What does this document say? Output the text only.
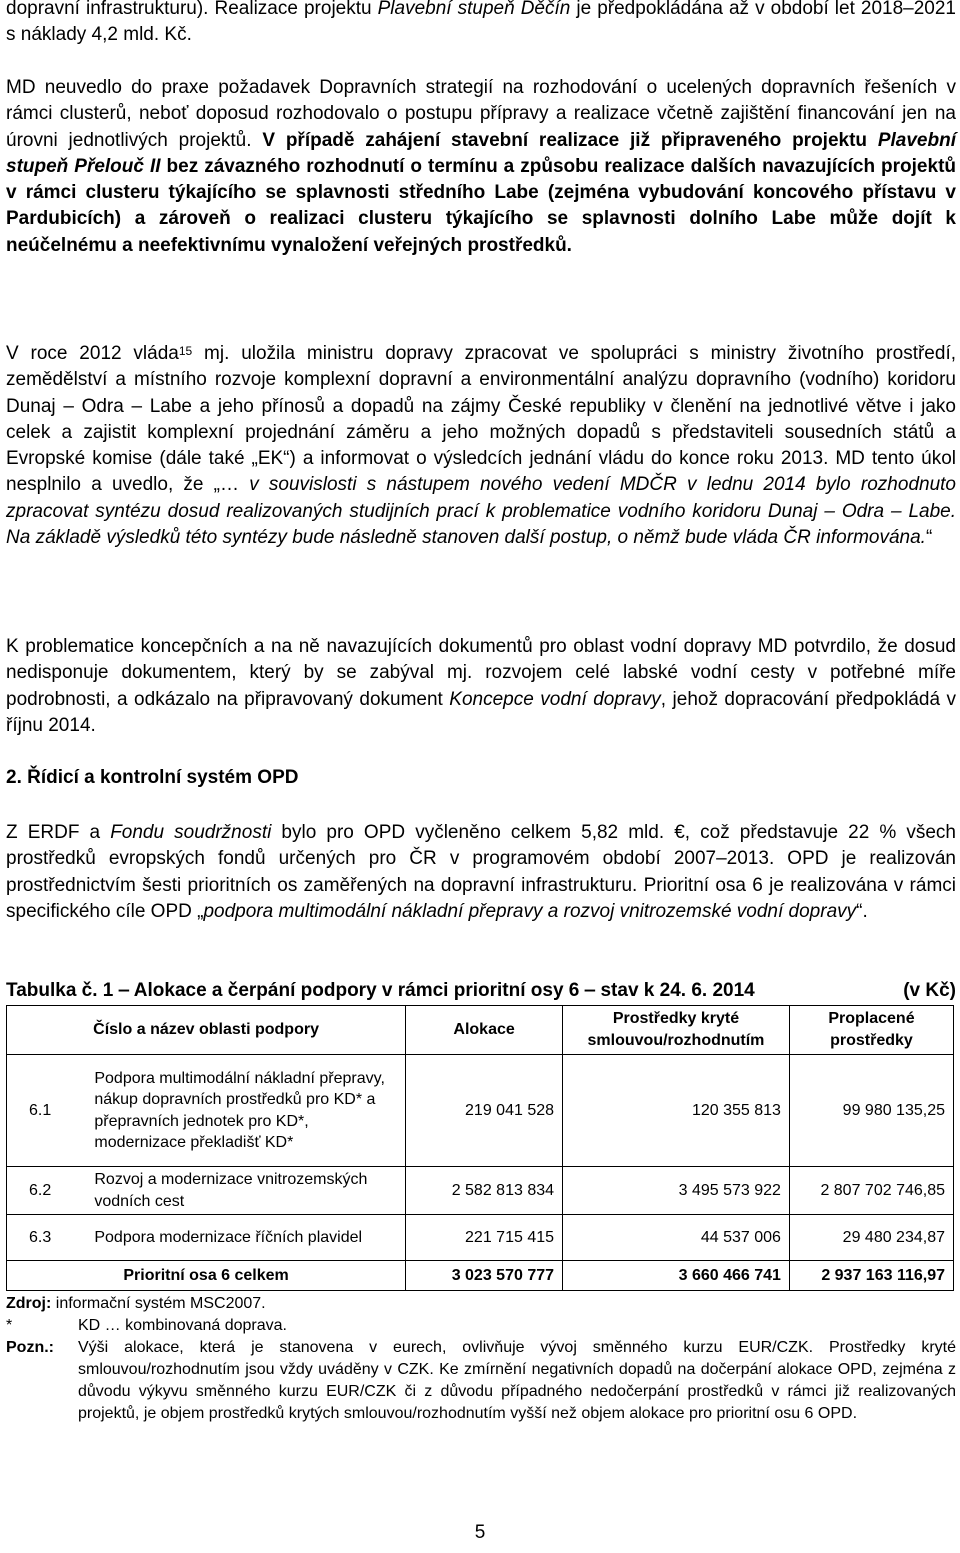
dopravní infrastrukturu). Realizace projektu Plavební stupeň Děčín je předpokládána až v období let 2018–2021 s náklady 4,2 mld. Kč.

MD neuvedlo do praxe požadavek Dopravních strategií na rozhodování o ucelených dopravních řešeních v rámci clusterů, neboť doposud rozhodovalo o postupu přípravy a realizace včetně zajištění financování jen na úrovni jednotlivých projektů. V případě zahájení stavební realizace již připraveného projektu Plavební stupeň Přelouč II bez závazného rozhodnutí o termínu a způsobu realizace dalších navazujících projektů v rámci clusteru týkajícího se splavnosti středního Labe (zejména vybudování koncového přístavu v Pardubicích) a zároveň o realizaci clusteru týkajícího se splavnosti dolního Labe může dojít k neúčelnému a neefektivnímu vynaložení veřejných prostředků.

V roce 2012 vláda$^{15}$ mj. uložila ministru dopravy zpracovat ve spolupráci s ministry životního prostředí, zemědělství a místního rozvoje komplexní dopravní a environmentální analýzu dopravního (vodního) koridoru Dunaj ‒ Odra ‒ Labe a jeho přínosů a dopadů na zájmy České republiky v členění na jednotlivé větve i jako celek a zajistit komplexní projednání záměru a jeho možných dopadů s představiteli sousedních států a Evropské komise (dále také „EK“) a informovat o výsledcích jednání vládu do konce roku 2013. MD tento úkol nesplnilo a uvedlo, že „… v souvislosti s nástupem nového vedení MDČR v lednu 2014 bylo rozhodnuto zpracovat syntézu dosud realizovaných studijních prací k problematice vodního koridoru Dunaj ‒ Odra ‒ Labe. Na základě výsledků této syntézy bude následně stanoven další postup, o němž bude vláda ČR informována.“

K problematice koncepčních a na ně navazujících dokumentů pro oblast vodní dopravy MD potvrdilo, že dosud nedisponuje dokumentem, který by se zabýval mj. rozvojem celé labské vodní cesty v potřebné míře podrobnosti, a odkázalo na připravovaný dokument Koncepce vodní dopravy, jehož dopracování předpokládá v říjnu 2014.

2. Řídicí a kontrolní systém OPD

Z ERDF a Fondu soudržnosti bylo pro OPD vyčleněno celkem 5,82 mld. €, což představuje 22 % všech prostředků evropských fondů určených pro ČR v programovém období 2007‒2013. OPD je realizován prostřednictvím šesti prioritních os zaměřených na dopravní infrastrukturu. Prioritní osa 6 je realizována v rámci specifického cíle OPD „podpora multimodální nákladní přepravy a rozvoj vnitrozemské vodní dopravy“.

Tabulka č. 1 ‒ Alokace a čerpání podpory v rámci prioritní osy 6 ‒ stav k 24. 6. 2014	(v Kč)
Číslo a název oblasti podpory		Alokace	Prostředky kryté smlouvou/rozhodnutím	Proplacené prostředky
6.1	Podpora multimodální nákladní přepravy, nákup dopravních prostředků pro KD* a přepravních jednotek pro KD*, modernizace překladišť KD*	219 041 528	120 355 813	99 980 135,25
6.2	Rozvoj a modernizace vnitrozemských vodních cest	2 582 813 834	3 495 573 922	2 807 702 746,85
6.3	Podpora modernizace říčních plavidel	221 715 415	44 537 006	29 480 234,87
Prioritní osa 6 celkem		3 023 570 777	3 660 466 741	2 937 163 116,97
Zdroj: informační systém MSC2007.
*	KD … kombinovaná doprava.
Pozn.:	Výši alokace, která je stanovena v eurech, ovlivňuje vývoj směnného kurzu EUR/CZK. Prostředky kryté smlouvou/rozhodnutím jsou vždy uváděny v CZK. Ke zmírnění negativních dopadů na dočerpání alokace OPD, zejména z důvodu výkyvu směnného kurzu EUR/CZK či z důvodu případného nedočerpání prostředků v rámci již realizovaných projektů, je objem prostředků krytých smlouvou/rozhodnutím vyšší než objem alokace pro prioritní osu 6 OPD.
5
